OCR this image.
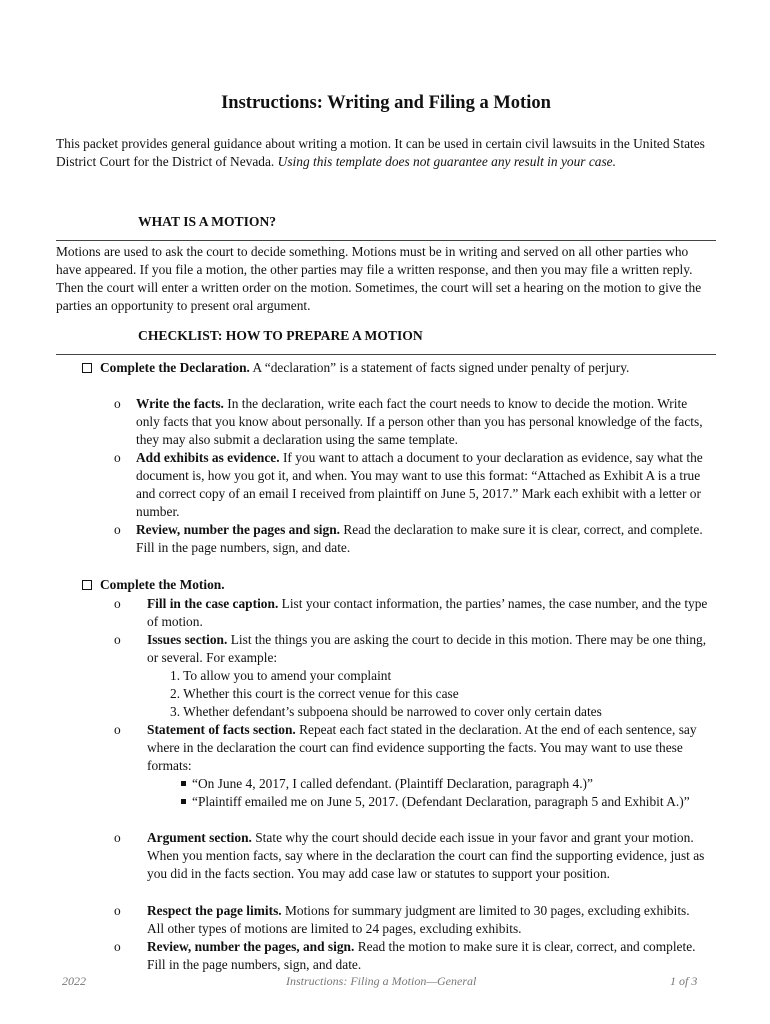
Instructions: Writing and Filing a Motion
This packet provides general guidance about writing a motion. It can be used in certain civil lawsuits in the United States District Court for the District of Nevada. Using this template does not guarantee any result in your case.
WHAT IS A MOTION?
Motions are used to ask the court to decide something. Motions must be in writing and served on all other parties who have appeared. If you file a motion, the other parties may file a written response, and then you may file a written reply. Then the court will enter a written order on the motion. Sometimes, the court will set a hearing on the motion to give the parties an opportunity to present oral argument.
CHECKLIST: HOW TO PREPARE A MOTION
Complete the Declaration. A “declaration” is a statement of facts signed under penalty of perjury.
o Write the facts. In the declaration, write each fact the court needs to know to decide the motion. Write only facts that you know about personally. If a person other than you has personal knowledge of the facts, they may also submit a declaration using the same template.
o Add exhibits as evidence. If you want to attach a document to your declaration as evidence, say what the document is, how you got it, and when. You may want to use this format: “Attached as Exhibit A is a true and correct copy of an email I received from plaintiff on June 5, 2017.” Mark each exhibit with a letter or number.
o Review, number the pages and sign. Read the declaration to make sure it is clear, correct, and complete. Fill in the page numbers, sign, and date.
Complete the Motion.
o Fill in the case caption. List your contact information, the parties’ names, the case number, and the type of motion.
o Issues section. List the things you are asking the court to decide in this motion. There may be one thing, or several. For example:
1. To allow you to amend your complaint
2. Whether this court is the correct venue for this case
3. Whether defendant’s subpoena should be narrowed to cover only certain dates
o Statement of facts section. Repeat each fact stated in the declaration. At the end of each sentence, say where in the declaration the court can find evidence supporting the facts. You may want to use these formats:
“On June 4, 2017, I called defendant. (Plaintiff Declaration, paragraph 4.)”
“Plaintiff emailed me on June 5, 2017. (Defendant Declaration, paragraph 5 and Exhibit A.)”
o Argument section. State why the court should decide each issue in your favor and grant your motion. When you mention facts, say where in the declaration the court can find the supporting evidence, just as you did in the facts section. You may add case law or statutes to support your position.
o Respect the page limits. Motions for summary judgment are limited to 30 pages, excluding exhibits. All other types of motions are limited to 24 pages, excluding exhibits.
o Review, number the pages, and sign. Read the motion to make sure it is clear, correct, and complete. Fill in the page numbers, sign, and date.
2022	Instructions: Filing a Motion—General	1 of 3
